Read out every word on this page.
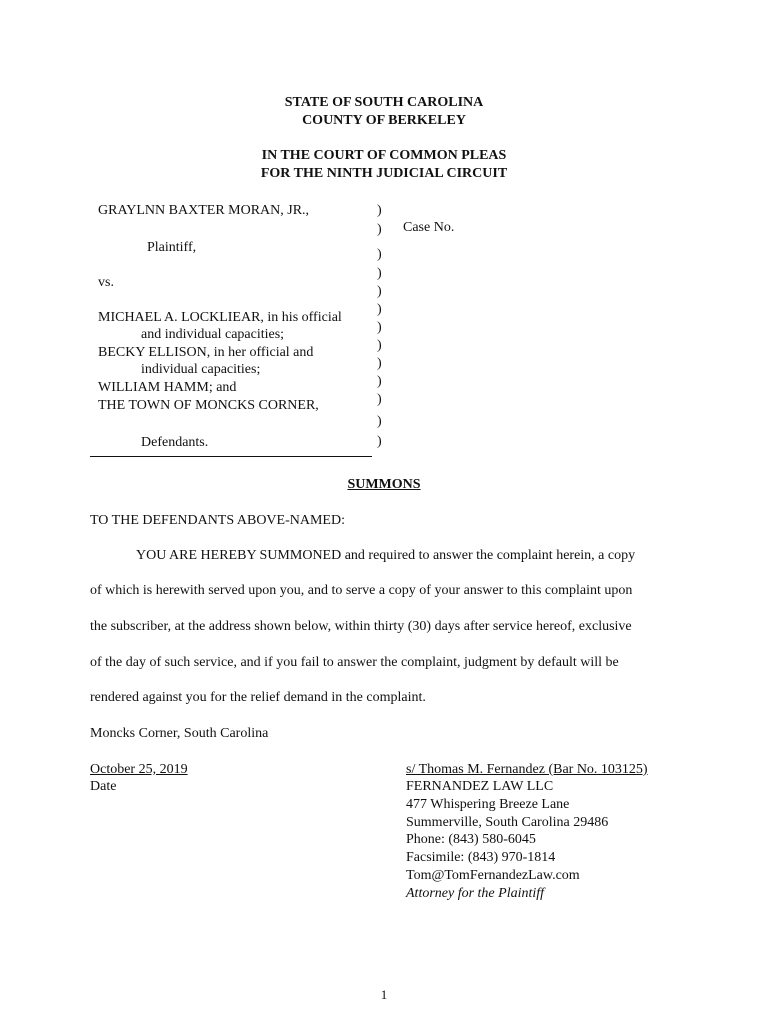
STATE OF SOUTH CAROLINA
COUNTY OF BERKELEY
IN THE COURT OF COMMON PLEAS
FOR THE NINTH JUDICIAL CIRCUIT
GRAYLNN BAXTER MORAN, JR.,
Plaintiff,
vs.
MICHAEL A. LOCKLIEAR, in his official
and individual capacities;
BECKY ELLISON, in her official and
individual capacities;
WILLIAM HAMM; and
THE TOWN OF MONCKS CORNER,
Defendants.
)
)
)
)
)
)
)
)
)
)
)
)
)
Case No.
SUMMONS
TO THE DEFENDANTS ABOVE-NAMED:
YOU ARE HEREBY SUMMONED and required to answer the complaint herein, a copy
of which is herewith served upon you, and to serve a copy of your answer to this complaint upon
the subscriber, at the address shown below, within thirty (30) days after service hereof, exclusive
of the day of such service, and if you fail to answer the complaint, judgment by default will be
rendered against you for the relief demand in the complaint.
Moncks Corner, South Carolina
October 25, 2019
Date
s/ Thomas M. Fernandez (Bar No. 103125)
FERNANDEZ LAW LLC
477 Whispering Breeze Lane
Summerville, South Carolina 29486
Phone: (843) 580-6045
Facsimile: (843) 970-1814
Tom@TomFernandezLaw.com
Attorney for the Plaintiff
1
